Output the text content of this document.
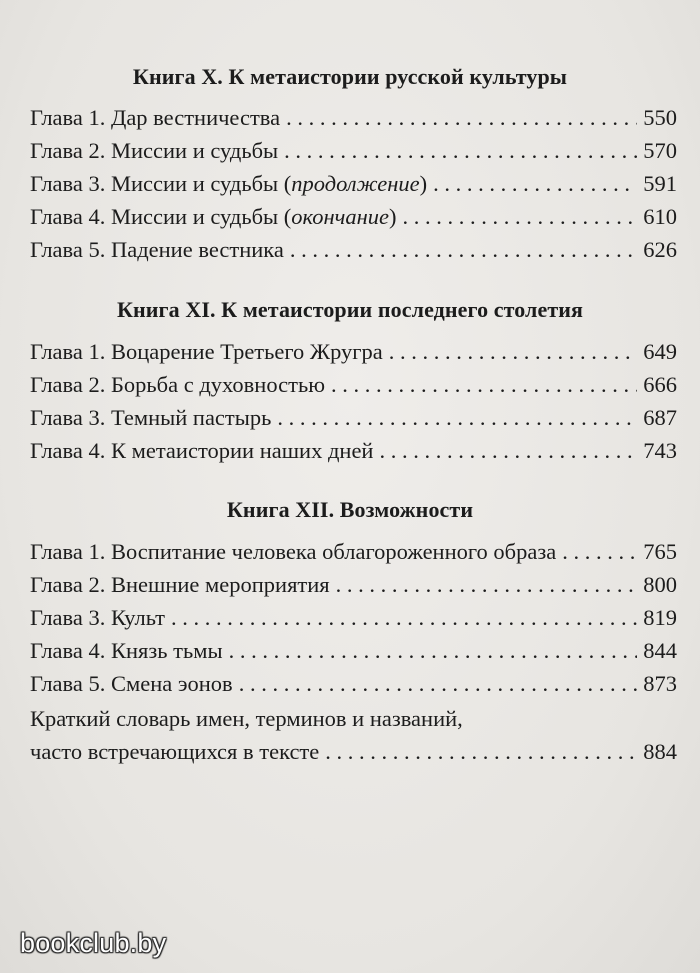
Книга X. К метаистории русской культуры
Глава 1. Дар вестничества . . .	550
Глава 2. Миссии и судьбы . . .	570
Глава 3. Миссии и судьбы (продолжение) . . .	591
Глава 4. Миссии и судьбы (окончание) . . .	610
Глава 5. Падение вестника . . .	626
Книга XI. К метаистории последнего столетия
Глава 1. Воцарение Третьего Жругра . . .	649
Глава 2. Борьба с духовностью . . .	666
Глава 3. Темный пастырь . . .	687
Глава 4. К метаистории наших дней . . .	743
Книга XII. Возможности
Глава 1. Воспитание человека облагороженного образа . . .	765
Глава 2. Внешние мероприятия . . .	800
Глава 3. Культ . . .	819
Глава 4. Князь тьмы . . .	844
Глава 5. Смена эонов . . .	873
Краткий словарь имен, терминов и названий,
часто встречающихся в тексте . . .	884
bookclub.by
